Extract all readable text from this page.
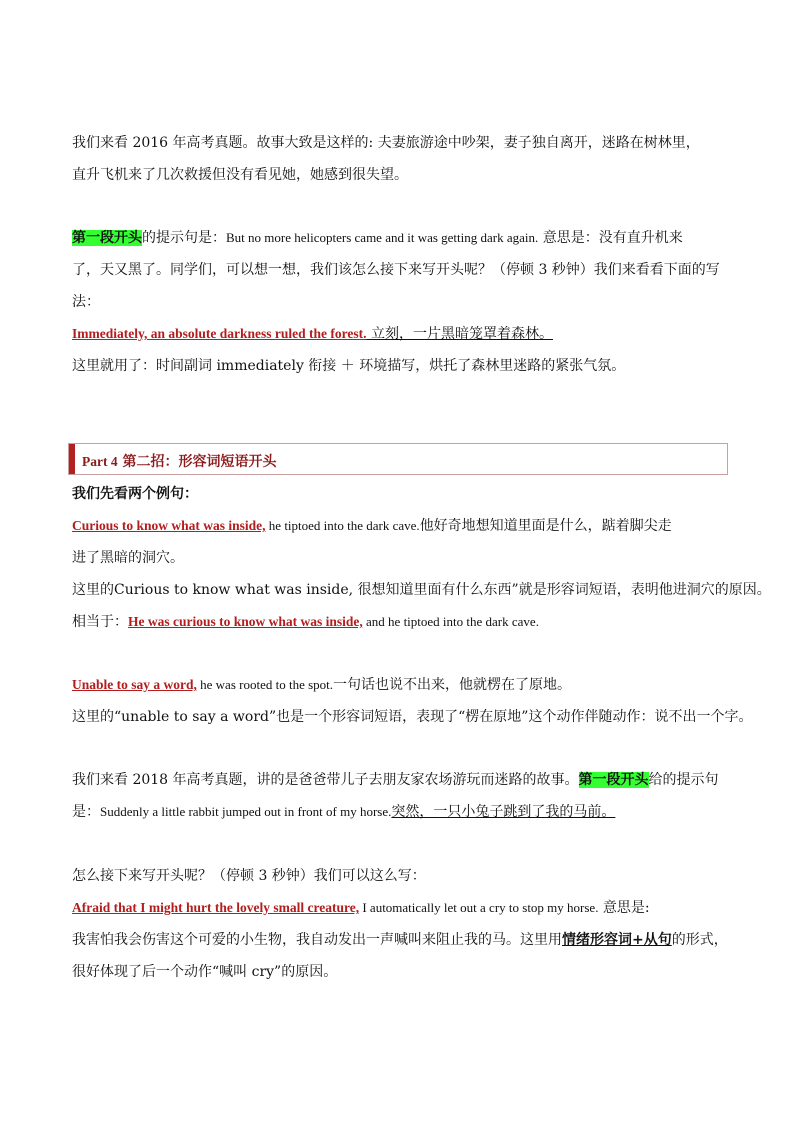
我们来看 2016 年高考真题。故事大致是这样的: 夫妻旅游途中吵架，妻子独自离开，迷路在树林里，
直升飞机来了几次救援但没有看见她，她感到很失望。
第一段开头的提示句是：But no more helicopters came and it was getting dark again. 意思是：没有直升机来
了，天又黑了。同学们，可以想一想，我们该怎么接下来写开头呢？（停顿 3 秒钟）我们来看看下面的写
法：
Immediately, an absolute darkness ruled the forest. 立刻，一片黑暗笼罩着森林。
这里就用了：时间副词 immediately 衔接 ＋ 环境描写，烘托了森林里迷路的紧张气氛。
Part 4 第二招：形容词短语开头
我们先看两个例句：
Curious to know what was inside, he tiptoed into the dark cave.他好奇地想知道里面是什么，踮着脚尖走
进了黑暗的洞穴。
这里的Curious to know what was inside, 很想知道里面有什么东西”就是形容词短语，表明他进洞穴的原因。
相当于：He was curious to know what was inside, and he tiptoed into the dark cave.
Unable to say a word, he was rooted to the spot.一句话也说不出来，他就楞在了原地。
这里的“unable to say a word”也是一个形容词短语，表现了“楞在原地”这个动作伴随动作：说不出一个字。
我们来看 2018 年高考真题，讲的是爸爸带儿子去朋友家农场游玩而迷路的故事。第一段开头给的提示句
是：Suddenly a little rabbit jumped out in front of my horse.突然，一只小兔子跳到了我的马前。
怎么接下来写开头呢？（停顿 3 秒钟）我们可以这么写：
Afraid that I might hurt the lovely small creature, I automatically let out a cry to stop my horse. 意思是:
我害怕我会伤害这个可爱的小生物，我自动发出一声喊叫来阻止我的马。这里用情绪形容词+从句的形式，
很好体现了后一个动作“喊叫 cry”的原因。
